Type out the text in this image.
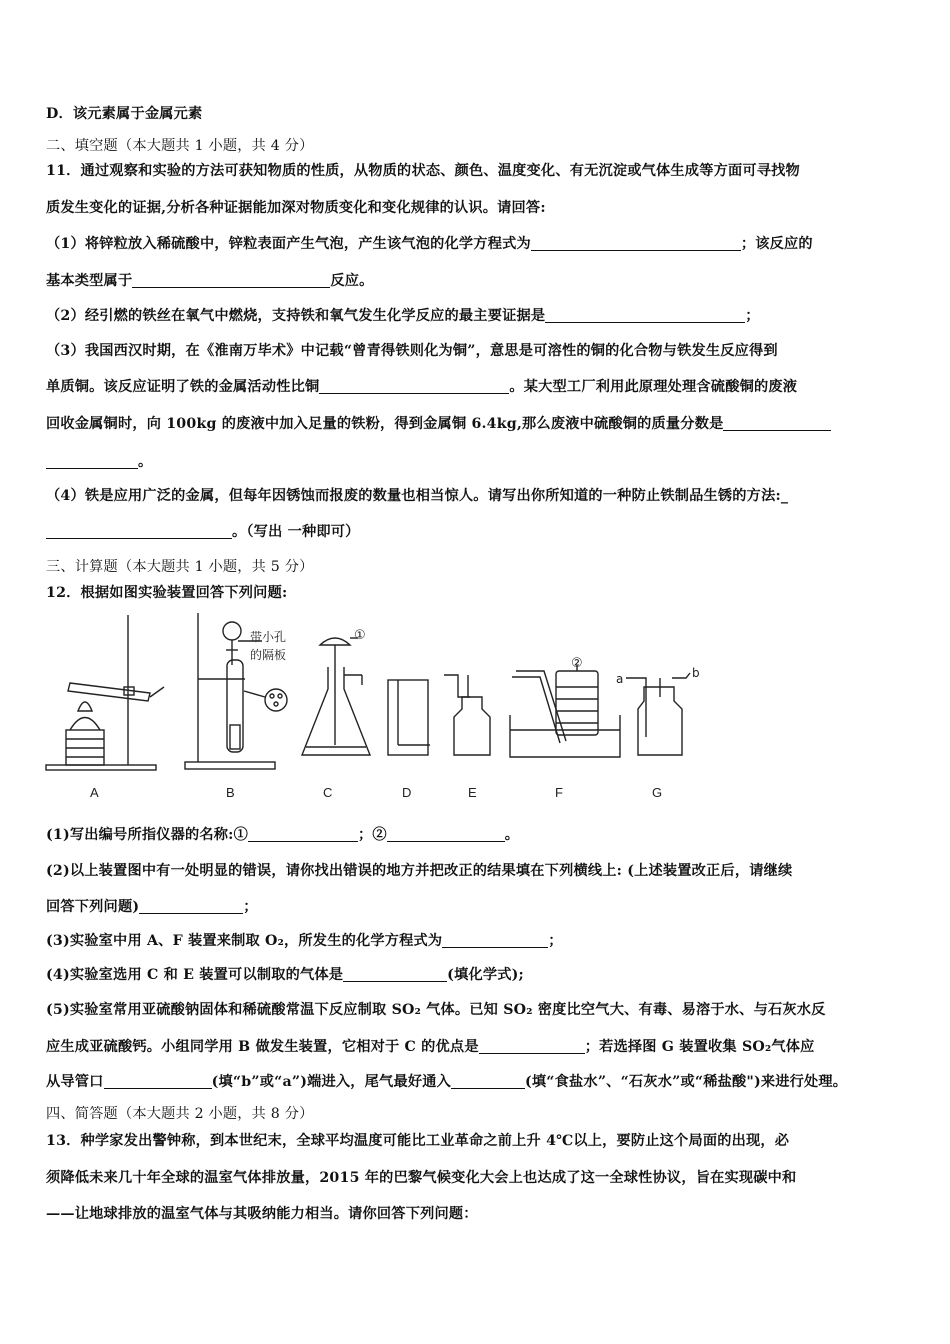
D．该元素属于金属元素
二、填空题（本大题共 1 小题，共 4 分）
11．通过观察和实验的方法可获知物质的性质，从物质的状态、颜色、温度变化、有无沉淀或气体生成等方面可寻找物
质发生变化的证据,分析各种证据能加深对物质变化和变化规律的认识。请回答:
（1）将锌粒放入稀硫酸中，锌粒表面产生气泡，产生该气泡的化学方程式为	；该反应的
基本类型属于	反应。
（2）经引燃的铁丝在氧气中燃烧，支持铁和氧气发生化学反应的最主要证据是	；
（3）我国西汉时期，在《淮南万毕术》中记载“曾青得铁则化为铜”，意思是可溶性的铜的化合物与铁发生反应得到
单质铜。该反应证明了铁的金属活动性比铜	。某大型工厂利用此原理处理含硫酸铜的废液
回收金属铜时，向 100kg 的废液中加入足量的铁粉，得到金属铜 6.4kg,那么废液中硫酸铜的质量分数是
。
（4）铁是应用广泛的金属，但每年因锈蚀而报废的数量也相当惊人。请写出你所知道的一种防止铁制品生锈的方法:_
。（写出 一种即可）
三、计算题（本大题共 1 小题，共 5 分）
12．根据如图实验装置回答下列问题:
带小孔
的隔板
①
②
a	b
A	B	C	D	E	F	G
(1)写出编号所指仪器的名称:①	；②	。
(2)以上装置图中有一处明显的错误，请你找出错误的地方并把改正的结果填在下列横线上: (上述装置改正后，请继续
回答下列问题)	；
(3)实验室中用 A、F 装置来制取 O₂，所发生的化学方程式为	；
(4)实验室选用 C 和 E 装置可以制取的气体是	(填化学式);
(5)实验室常用亚硫酸钠固体和稀硫酸常温下反应制取 SO₂ 气体。已知 SO₂ 密度比空气大、有毒、易溶于水、与石灰水反
应生成亚硫酸钙。小组同学用 B 做发生装置，它相对于 C 的优点是	；若选择图 G 装置收集 SO₂气体应
从导管口	(填“b”或“a”)端进入，尾气最好通入	(填“食盐水”、“石灰水”或“稀盐酸")来进行处理。
四、简答题（本大题共 2 小题，共 8 分）
13．种学家发出警钟称，到本世纪末，全球平均温度可能比工业革命之前上升 4℃以上，要防止这个局面的出现，必
须降低未来几十年全球的温室气体排放量，2015 年的巴黎气候变化大会上也达成了这一全球性协议，旨在实现碳中和
——让地球排放的温室气体与其吸纳能力相当。请你回答下列问题：
